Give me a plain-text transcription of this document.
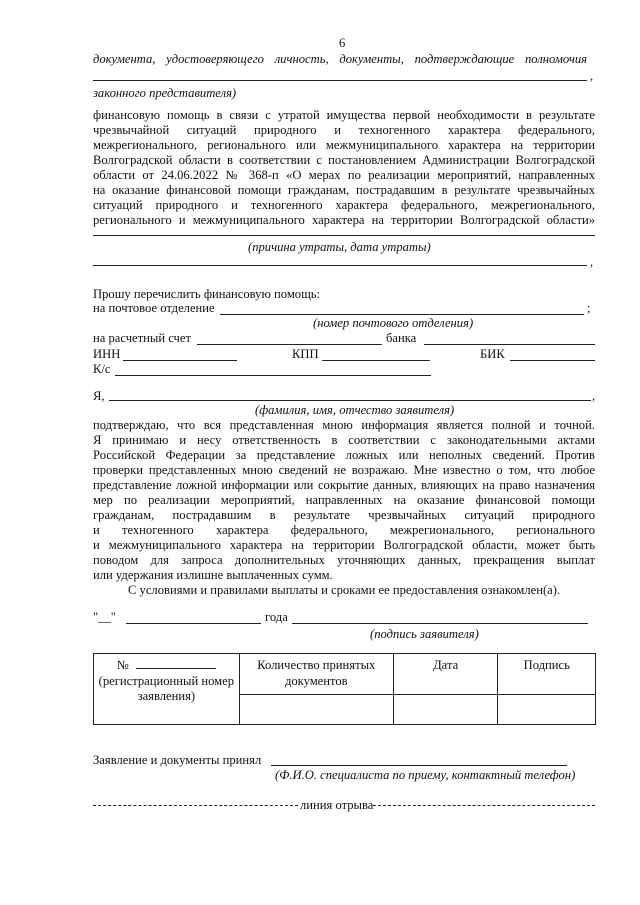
6
документа, удостоверяющего личность, документы, подтверждающие полномочия
,
законного представителя)
финансовую помощь в связи с утратой имущества первой необходимости в результате
чрезвычайной ситуаций природного и техногенного характера федерального,
межрегионального, регионального или межмуниципального характера на территории
Волгоградской области в соответствии с постановлением Администрации Волгоградской
области от 24.06.2022 № 368-п «О мерах по реализации мероприятий, направленных
на оказание финансовой помощи гражданам, пострадавшим в результате чрезвычайных
ситуаций природного и техногенного характера федерального, межрегионального,
регионального и межмуниципального характера на территории Волгоградской области»
(причина утраты, дата утраты)
,
Прошу перечислить финансовую помощь:
на почтовое отделение	;
(номер почтового отделения)
на расчетный счет	банка
ИНН	КПП	БИК
К/с
Я,	,
(фамилия, имя, отчество заявителя)
подтверждаю, что вся представленная мною информация является полной и точной.
Я принимаю и несу ответственность в соответствии с законодательными актами
Российской Федерации за представление ложных или неполных сведений. Против
проверки представленных мною сведений не возражаю. Мне известно о том, что любое
представление ложной информации или сокрытие данных, влияющих на право назначения
мер по реализации мероприятий, направленных на оказание финансовой помощи
гражданам, пострадавшим в результате чрезвычайных ситуаций природного
и техногенного характера федерального, межрегионального, регионального
и межмуниципального характера на территории Волгоградской области, может быть
поводом для запроса дополнительных уточняющих данных, прекращения выплат
или удержания излишне выплаченных сумм.
С условиями и правилами выплаты и сроками ее предоставления ознакомлен(а).
"__"	года
(подпись заявителя)
№
(регистрационный номер заявления)	Количество принятых документов	Дата	Подпись

Заявление и документы принял
(Ф.И.О. специалиста по приему, контактный телефон)
линия отрыва
